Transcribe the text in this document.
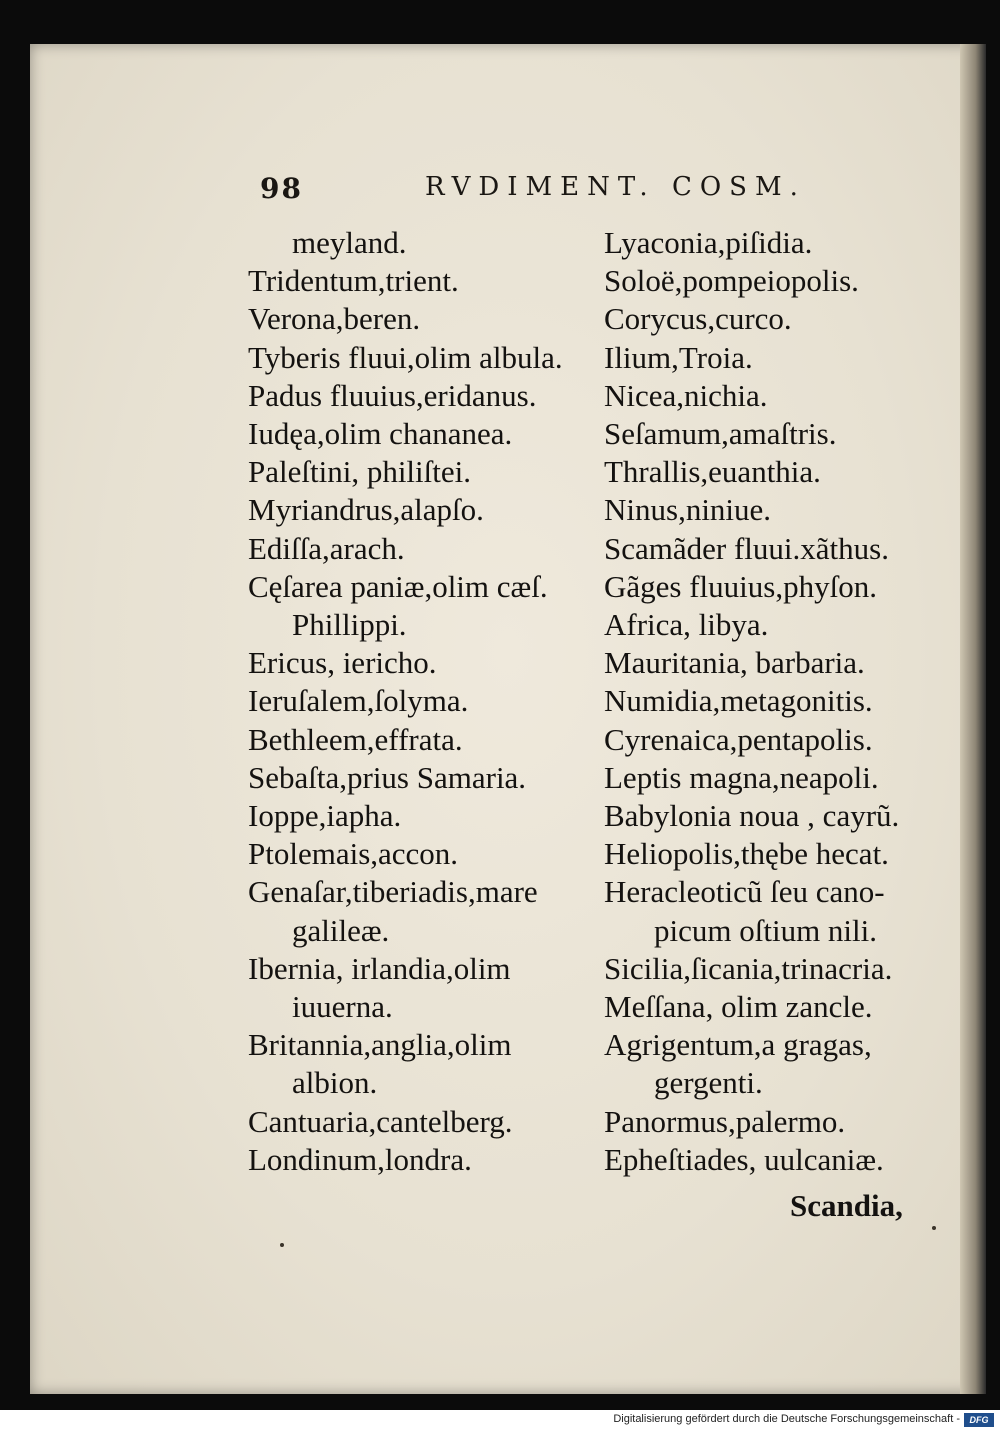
98	RVDIMENT. COSM.
meyland.
Tridentum,trient.
Verona,beren.
Tyberis fluui,olim albula.
Padus fluuius,eridanus.
Iudęa,olim chananea.
Paleſtini, philiſtei.
Myriandrus,alapſo.
Ediſſa,arach.
Cęſarea paniæ,olim cæſ.
Phillippi.
Ericus, iericho.
Ieruſalem,ſolyma.
Bethleem,effrata.
Sebaſta,prius Samaria.
Ioppe,iapha.
Ptolemais,accon.
Genaſar,tiberiadis,mare
galileæ.
Ibernia, irlandia,olim
iuuerna.
Britannia,anglia,olim
albion.
Cantuaria,cantelberg.
Londinum,londra.
Lyaconia,piſidia.
Soloë,pompeiopolis.
Corycus,curco.
Ilium,Troia.
Nicea,nichia.
Seſamum,amaſtris.
Thrallis,euanthia.
Ninus,niniue.
Scamãder fluui.xãthus.
Gãges fluuius,phyſon.
Africa, libya.
Mauritania, barbaria.
Numidia,metagonitis.
Cyrenaica,pentapolis.
Leptis magna,neapoli.
Babylonia noua , cayrũ.
Heliopolis,thębe hecat.
Heracleoticũ ſeu cano-
picum oſtium nili.
Sicilia,ſicania,trinacria.
Meſſana, olim zancle.
Agrigentum,a gragas,
gergenti.
Panormus,palermo.
Epheſtiades, uulcaniæ.
Scandia,
Digitalisierung gefördert durch die Deutsche Forschungsgemeinschaft -	DFG
